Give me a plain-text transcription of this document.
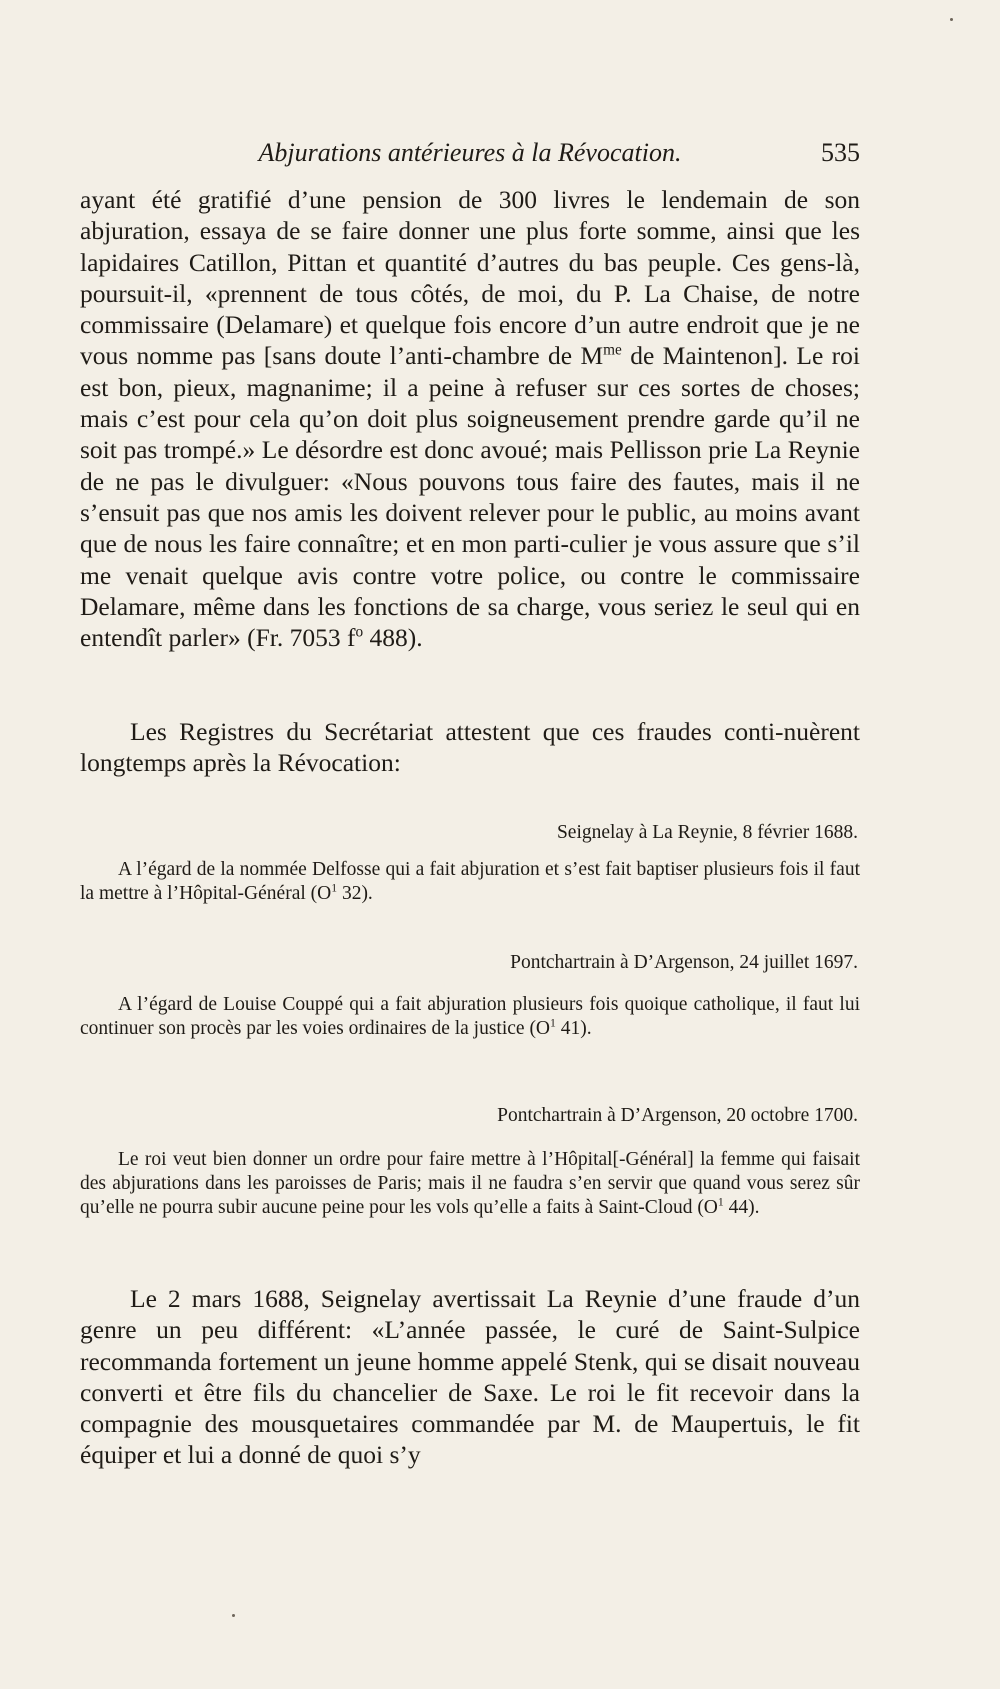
Abjurations antérieures à la Révocation.	535

ayant été gratifié d’une pension de 300 livres le lendemain de son abjuration, essaya de se faire donner une plus forte somme, ainsi que les lapidaires Catillon, Pittan et quantité d’autres du bas peuple. Ces gens-là, poursuit-il, «prennent de tous côtés, de moi, du P. La Chaise, de notre commissaire (Delamare) et quelque fois encore d’un autre endroit que je ne vous nomme pas [sans doute l’anti-chambre de $M^{me}$ de Maintenon]. Le roi est bon, pieux, magnanime; il a peine à refuser sur ces sortes de choses; mais c’est pour cela qu’on doit plus soigneusement prendre garde qu’il ne soit pas trompé.» Le désordre est donc avoué; mais Pellisson prie La Reynie de ne pas le divulguer: «Nous pouvons tous faire des fautes, mais il ne s’ensuit pas que nos amis les doivent relever pour le public, au moins avant que de nous les faire connaître; et en mon parti-culier je vous assure que s’il me venait quelque avis contre votre police, ou contre le commissaire Delamare, même dans les fonctions de sa charge, vous seriez le seul qui en entendît parler» (Fr. 7053 $f^o$ 488).

Les Registres du Secrétariat attestent que ces fraudes conti-nuèrent longtemps après la Révocation:

Seignelay à La Reynie, 8 février 1688.

A l’égard de la nommée Delfosse qui a fait abjuration et s’est fait baptiser plusieurs fois il faut la mettre à l’Hôpital-Général ($O^1$ 32).

Pontchartrain à D’Argenson, 24 juillet 1697.

A l’égard de Louise Couppé qui a fait abjuration plusieurs fois quoique catholique, il faut lui continuer son procès par les voies ordinaires de la justice ($O^1$ 41).

Pontchartrain à D’Argenson, 20 octobre 1700.

Le roi veut bien donner un ordre pour faire mettre à l’Hôpital[-Général] la femme qui faisait des abjurations dans les paroisses de Paris; mais il ne faudra s’en servir que quand vous serez sûr qu’elle ne pourra subir aucune peine pour les vols qu’elle a faits à Saint-Cloud ($O^1$ 44).

Le 2 mars 1688, Seignelay avertissait La Reynie d’une fraude d’un genre un peu différent: «L’année passée, le curé de Saint-Sulpice recommanda fortement un jeune homme appelé Stenk, qui se disait nouveau converti et être fils du chancelier de Saxe. Le roi le fit recevoir dans la compagnie des mousquetaires commandée par M. de Maupertuis, le fit équiper et lui a donné de quoi s’y
